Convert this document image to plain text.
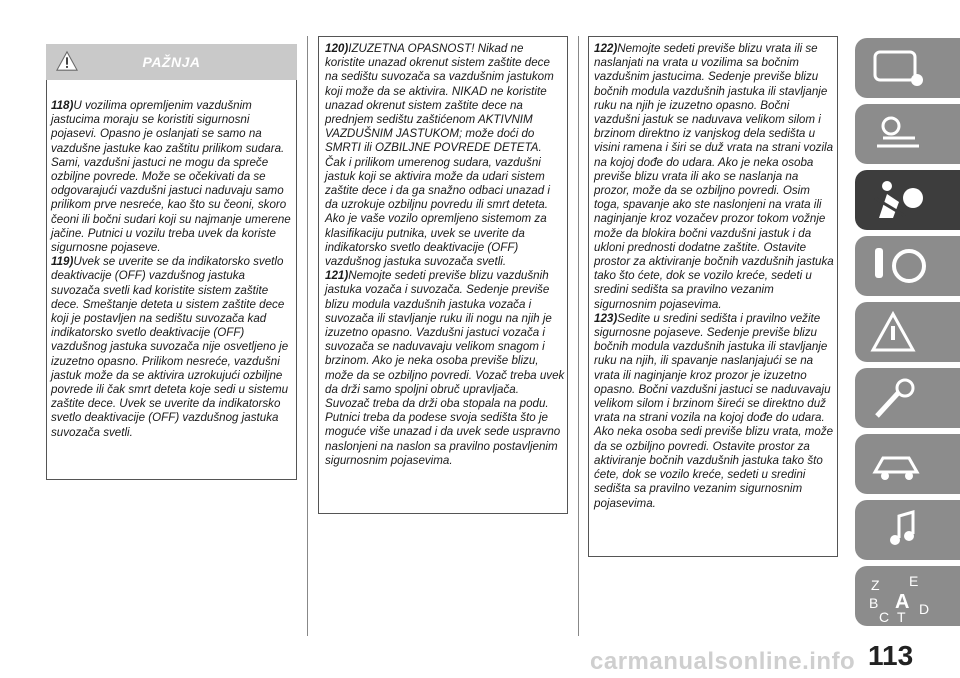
PAŽNJA

118)U vozilima opremljenim vazdušnim jastucima moraju se koristiti sigurnosni pojasevi. Opasno je oslanjati se samo na vazdušne jastuke kao zaštitu prilikom sudara. Sami, vazdušni jastuci ne mogu da spreče ozbiljne povrede. Može se očekivati da se odgovarajući vazdušni jastuci naduvaju samo prilikom prve nesreće, kao što su čeoni, skoro čeoni ili bočni sudari koji su najmanje umerene jačine. Putnici u vozilu treba uvek da koriste sigurnosne pojaseve.

119)Uvek se uverite se da indikatorsko svetlo deaktivacije (OFF) vazdušnog jastuka suvozača svetli kad koristite sistem zaštite dece. Smeštanje deteta u sistem zaštite dece koji je postavljen na sedištu suvozača kad indikatorsko svetlo deaktivacije (OFF) vazdušnog jastuka suvozača nije osvetljeno je izuzetno opasno. Prilikom nesreće, vazdušni jastuk može da se aktivira uzrokujući ozbiljne povrede ili čak smrt deteta koje sedi u sistemu zaštite dece. Uvek se uverite da indikatorsko svetlo deaktivacije (OFF) vazdušnog jastuka suvozača svetli.

120)IZUZETNA OPASNOST! Nikad ne koristite unazad okrenut sistem zaštite dece na sedištu suvozača sa vazdušnim jastukom koji može da se aktivira. NIKAD ne koristite unazad okrenut sistem zaštite dece na prednjem sedištu zaštićenom AKTIVNIM VAZDUŠNIM JASTUKOM; može doći do SMRTI ili OZBILJNE POVREDE DETETA. Čak i prilikom umerenog sudara, vazdušni jastuk koji se aktivira može da udari sistem zaštite dece i da ga snažno odbaci unazad i da uzrokuje ozbiljnu povredu ili smrt deteta. Ako je vaše vozilo opremljeno sistemom za klasifikaciju putnika, uvek se uverite da indikatorsko svetlo deaktivacije (OFF) vazdušnog jastuka suvozača svetli.

121)Nemojte sedeti previše blizu vazdušnih jastuka vozača i suvozača. Sedenje previše blizu modula vazdušnih jastuka vozača i suvozača ili stavljanje ruku ili nogu na njih je izuzetno opasno. Vazdušni jastuci vozača i suvozača se naduvavaju velikom snagom i brzinom. Ako je neka osoba previše blizu, može da se ozbiljno povredi. Vozač treba uvek da drži samo spoljni obruč upravljača. Suvozač treba da drži oba stopala na podu. Putnici treba da podese svoja sedišta što je moguće više unazad i da uvek sede uspravno naslonjeni na naslon sa pravilno postavljenim sigurnosnim pojasevima.

122)Nemojte sedeti previše blizu vrata ili se naslanjati na vrata u vozilima sa bočnim vazdušnim jastucima. Sedenje previše blizu bočnih modula vazdušnih jastuka ili stavljanje ruku na njih je izuzetno opasno. Bočni vazdušni jastuk se naduvava velikom silom i brzinom direktno iz vanjskog dela sedišta u visini ramena i širi se duž vrata na strani vozila na kojoj dođe do udara. Ako je neka osoba previše blizu vrata ili ako se naslanja na prozor, može da se ozbiljno povredi. Osim toga, spavanje ako ste naslonjeni na vrata ili naginjanje kroz vozačev prozor tokom vožnje može da blokira bočni vazdušni jastuk i da ukloni prednosti dodatne zaštite. Ostavite prostor za aktiviranje bočnih vazdušnih jastuka tako što ćete, dok se vozilo kreće, sedeti u sredini sedišta sa pravilno vezanim sigurnosnim pojasevima.

123)Sedite u sredini sedišta i pravilno vežite sigurnosne pojaseve. Sedenje previše blizu bočnih modula vazdušnih jastuka ili stavljanje ruku na njih, ili spavanje naslanjajući se na vrata ili naginjanje kroz prozor je izuzetno opasno. Bočni vazdušni jastuci se naduvavaju velikom silom i brzinom šireći se direktno duž vrata na strani vozila na kojoj dođe do udara. Ako neka osoba sedi previše blizu vrata, može da se ozbiljno povredi. Ostavite prostor za aktiviranje bočnih vazdušnih jastuka tako što ćete, dok se vozilo kreće, sedeti u sredini sedišta sa pravilno vezanim sigurnosnim pojasevima.

Z E
B A
C T D
113
carmanualsonline.info
